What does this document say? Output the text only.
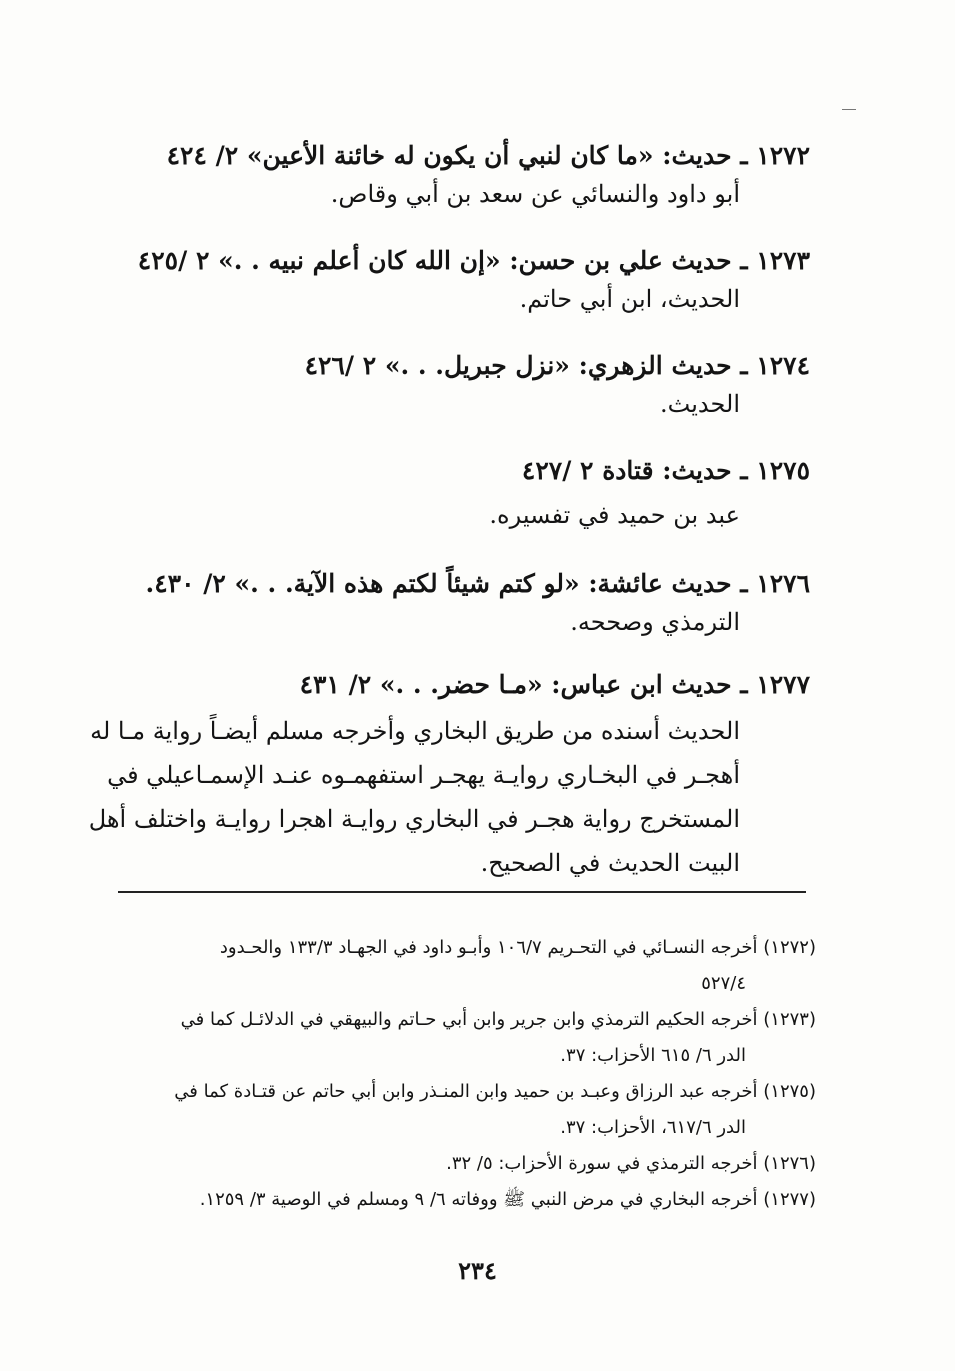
١٢٧٢ ـ حديث: «ما كان لنبي أن يكون له خائنة الأعين» ٢/ ٤٢٤
أبو داود والنسائي عن سعد بن أبي وقاص.
١٢٧٣ ـ حديث علي بن حسن: «إن الله كان أعلم نبيه . .» ٢ /٤٢٥
الحديث، ابن أبي حاتم.
١٢٧٤ ـ حديث الزهري: «نزل جبريل. . .» ٢ /٤٢٦
الحديث.
١٢٧٥ ـ حديث: قتادة ٢ /٤٢٧
عبد بن حميد في تفسيره.
١٢٧٦ ـ حديث عائشة: «لو كتم شيئاً لكتم هذه الآية. . .» ٢/ ٤٣٠.
الترمذي وصححه.
١٢٧٧ ـ حديث ابن عباس: «مـا حضر. . .» ٢/ ٤٣١
الحديث أسنده من طريق البخاري وأخرجه مسلم أيضـاً رواية مـا له
أهجـر في البخـاري روايـة يهجـر استفهمـوه عنـد الإسمـاعيلي في
المستخرج رواية هجـر في البخاري روايـة اهجرا روايـة واختلف أهل
البيت الحديث في الصحيح.
(١٢٧٢) أخرجه النسـائي في التحـريم ١٠٦/٧ وأبـو داود في الجهـاد ١٣٣/٣ والحـدود
٥٢٧/٤
(١٢٧٣) أخرجه الحكيم الترمذي وابن جرير وابن أبي حـاتم والبيهقي في الدلائـل كما في
الدر ٦/ ٦١٥ الأحزاب: ٣٧.
(١٢٧٥) أخرجه عبد الرزاق وعبـد بن حميد وابن المنـذر وابن أبي حاتم عن قتـادة كما في
الدر ٦١٧/٦، الأحزاب: ٣٧.
(١٢٧٦) أخرجه الترمذي في سورة الأحزاب: ٥/ ٣٢.
(١٢٧٧) أخرجه البخاري في مرض النبي ﷺ ووفاته ٦/ ٩ ومسلم في الوصية ٣/ ١٢٥٩.
٢٣٤
